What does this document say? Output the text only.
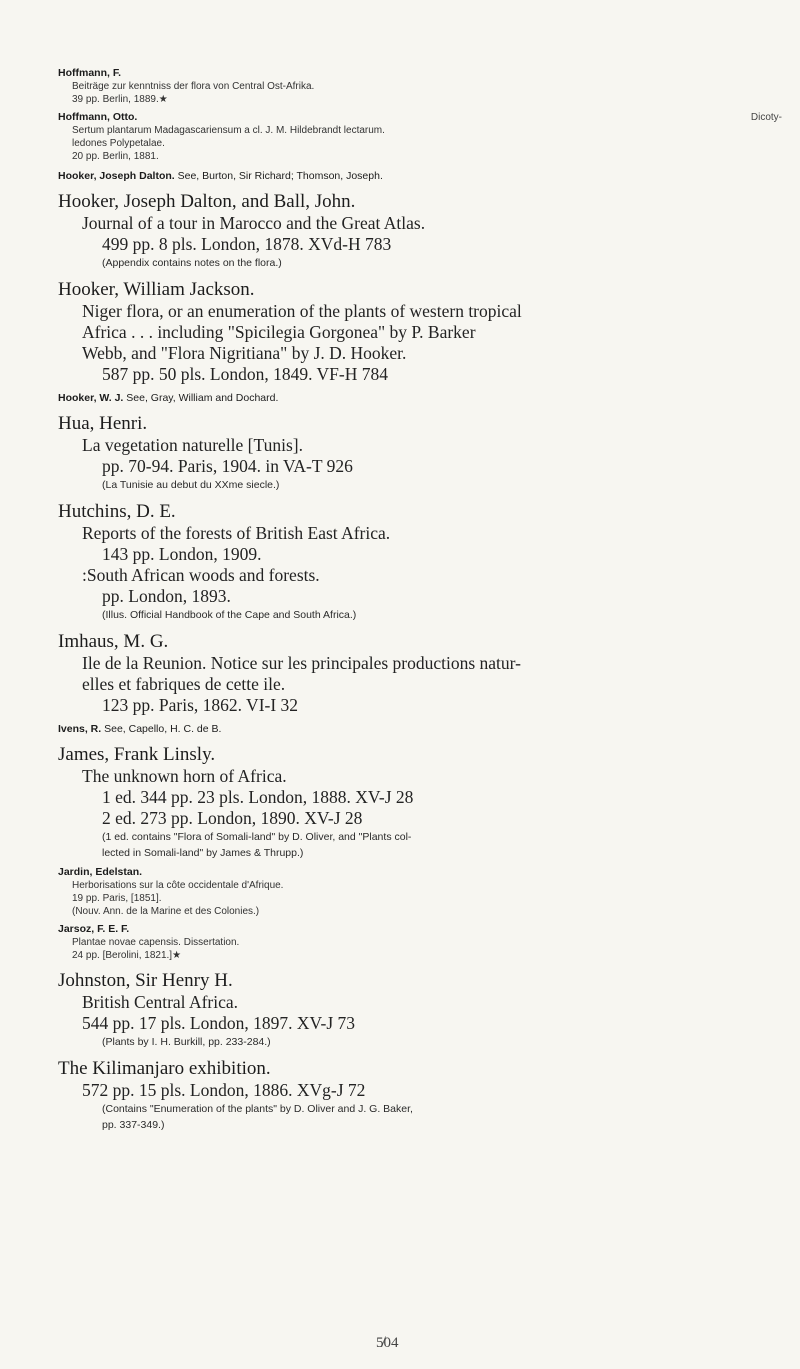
Hoffmann, F.
Beiträge zur kenntniss der flora von Central Ost-Afrika.
39 pp. Berlin, 1889.★
Hoffmann, Otto.
Sertum plantarum Madagascariensum a cl. J. M. Hildebrandt lectarum.
ledones Polypetalae.
20 pp. Berlin, 1881.
Hooker, Joseph Dalton. See, Burton, Sir Richard; Thomson, Joseph.
Hooker, Joseph Dalton, and Ball, John.
Journal of a tour in Marocco and the Great Atlas.
499 pp. 8 pls. London, 1878. XVd-H 783
(Appendix contains notes on the flora.)
Hooker, William Jackson.
Niger flora, or an enumeration of the plants of western tropical
Africa . . . including "Spicilegia Gorgonea" by P. Barker
Webb, and "Flora Nigritiana" by J. D. Hooker.
587 pp. 50 pls. London, 1849. VF-H 784
Hooker, W. J. See, Gray, William and Dochard.
Hua, Henri.
La vegetation naturelle [Tunis].
pp. 70-94. Paris, 1904. in VA-T 926
(La Tunisie au debut du XXme siecle.)
Hutchins, D. E.
Reports of the forests of British East Africa.
143 pp. London, 1909.
:South African woods and forests.
pp. London, 1893.
(Illus. Official Handbook of the Cape and South Africa.)
Imhaus, M. G.
Ile de la Reunion. Notice sur les principales productions natur-
elles et fabriques de cette ile.
123 pp. Paris, 1862. VI-I 32
Ivens, R. See, Capello, H. C. de B.
James, Frank Linsly.
The unknown horn of Africa.
1 ed. 344 pp. 23 pls. London, 1888. XV-J 28
2 ed. 273 pp. London, 1890. XV-J 28
(1 ed. contains "Flora of Somali-land" by D. Oliver, and "Plants col-
lected in Somali-land" by James & Thrupp.)
Jardin, Edelstan.
Herborisations sur la côte occidentale d'Afrique.
19 pp. Paris, [1851].
(Nouv. Ann. de la Marine et des Colonies.)
Jarsoz, F. E. F.
Plantae novae capensis. Dissertation.
24 pp. [Berolini, 1821.]★
Johnston, Sir Henry H.
British Central Africa.
544 pp. 17 pls. London, 1897. XV-J 73
(Plants by I. H. Burkill, pp. 233-284.)
The Kilimanjaro exhibition.
572 pp. 15 pls. London, 1886. XVg-J 72
(Contains "Enumeration of the plants" by D. Oliver and J. G. Baker,
pp. 337-349.)
Dicoty-
5̸04
